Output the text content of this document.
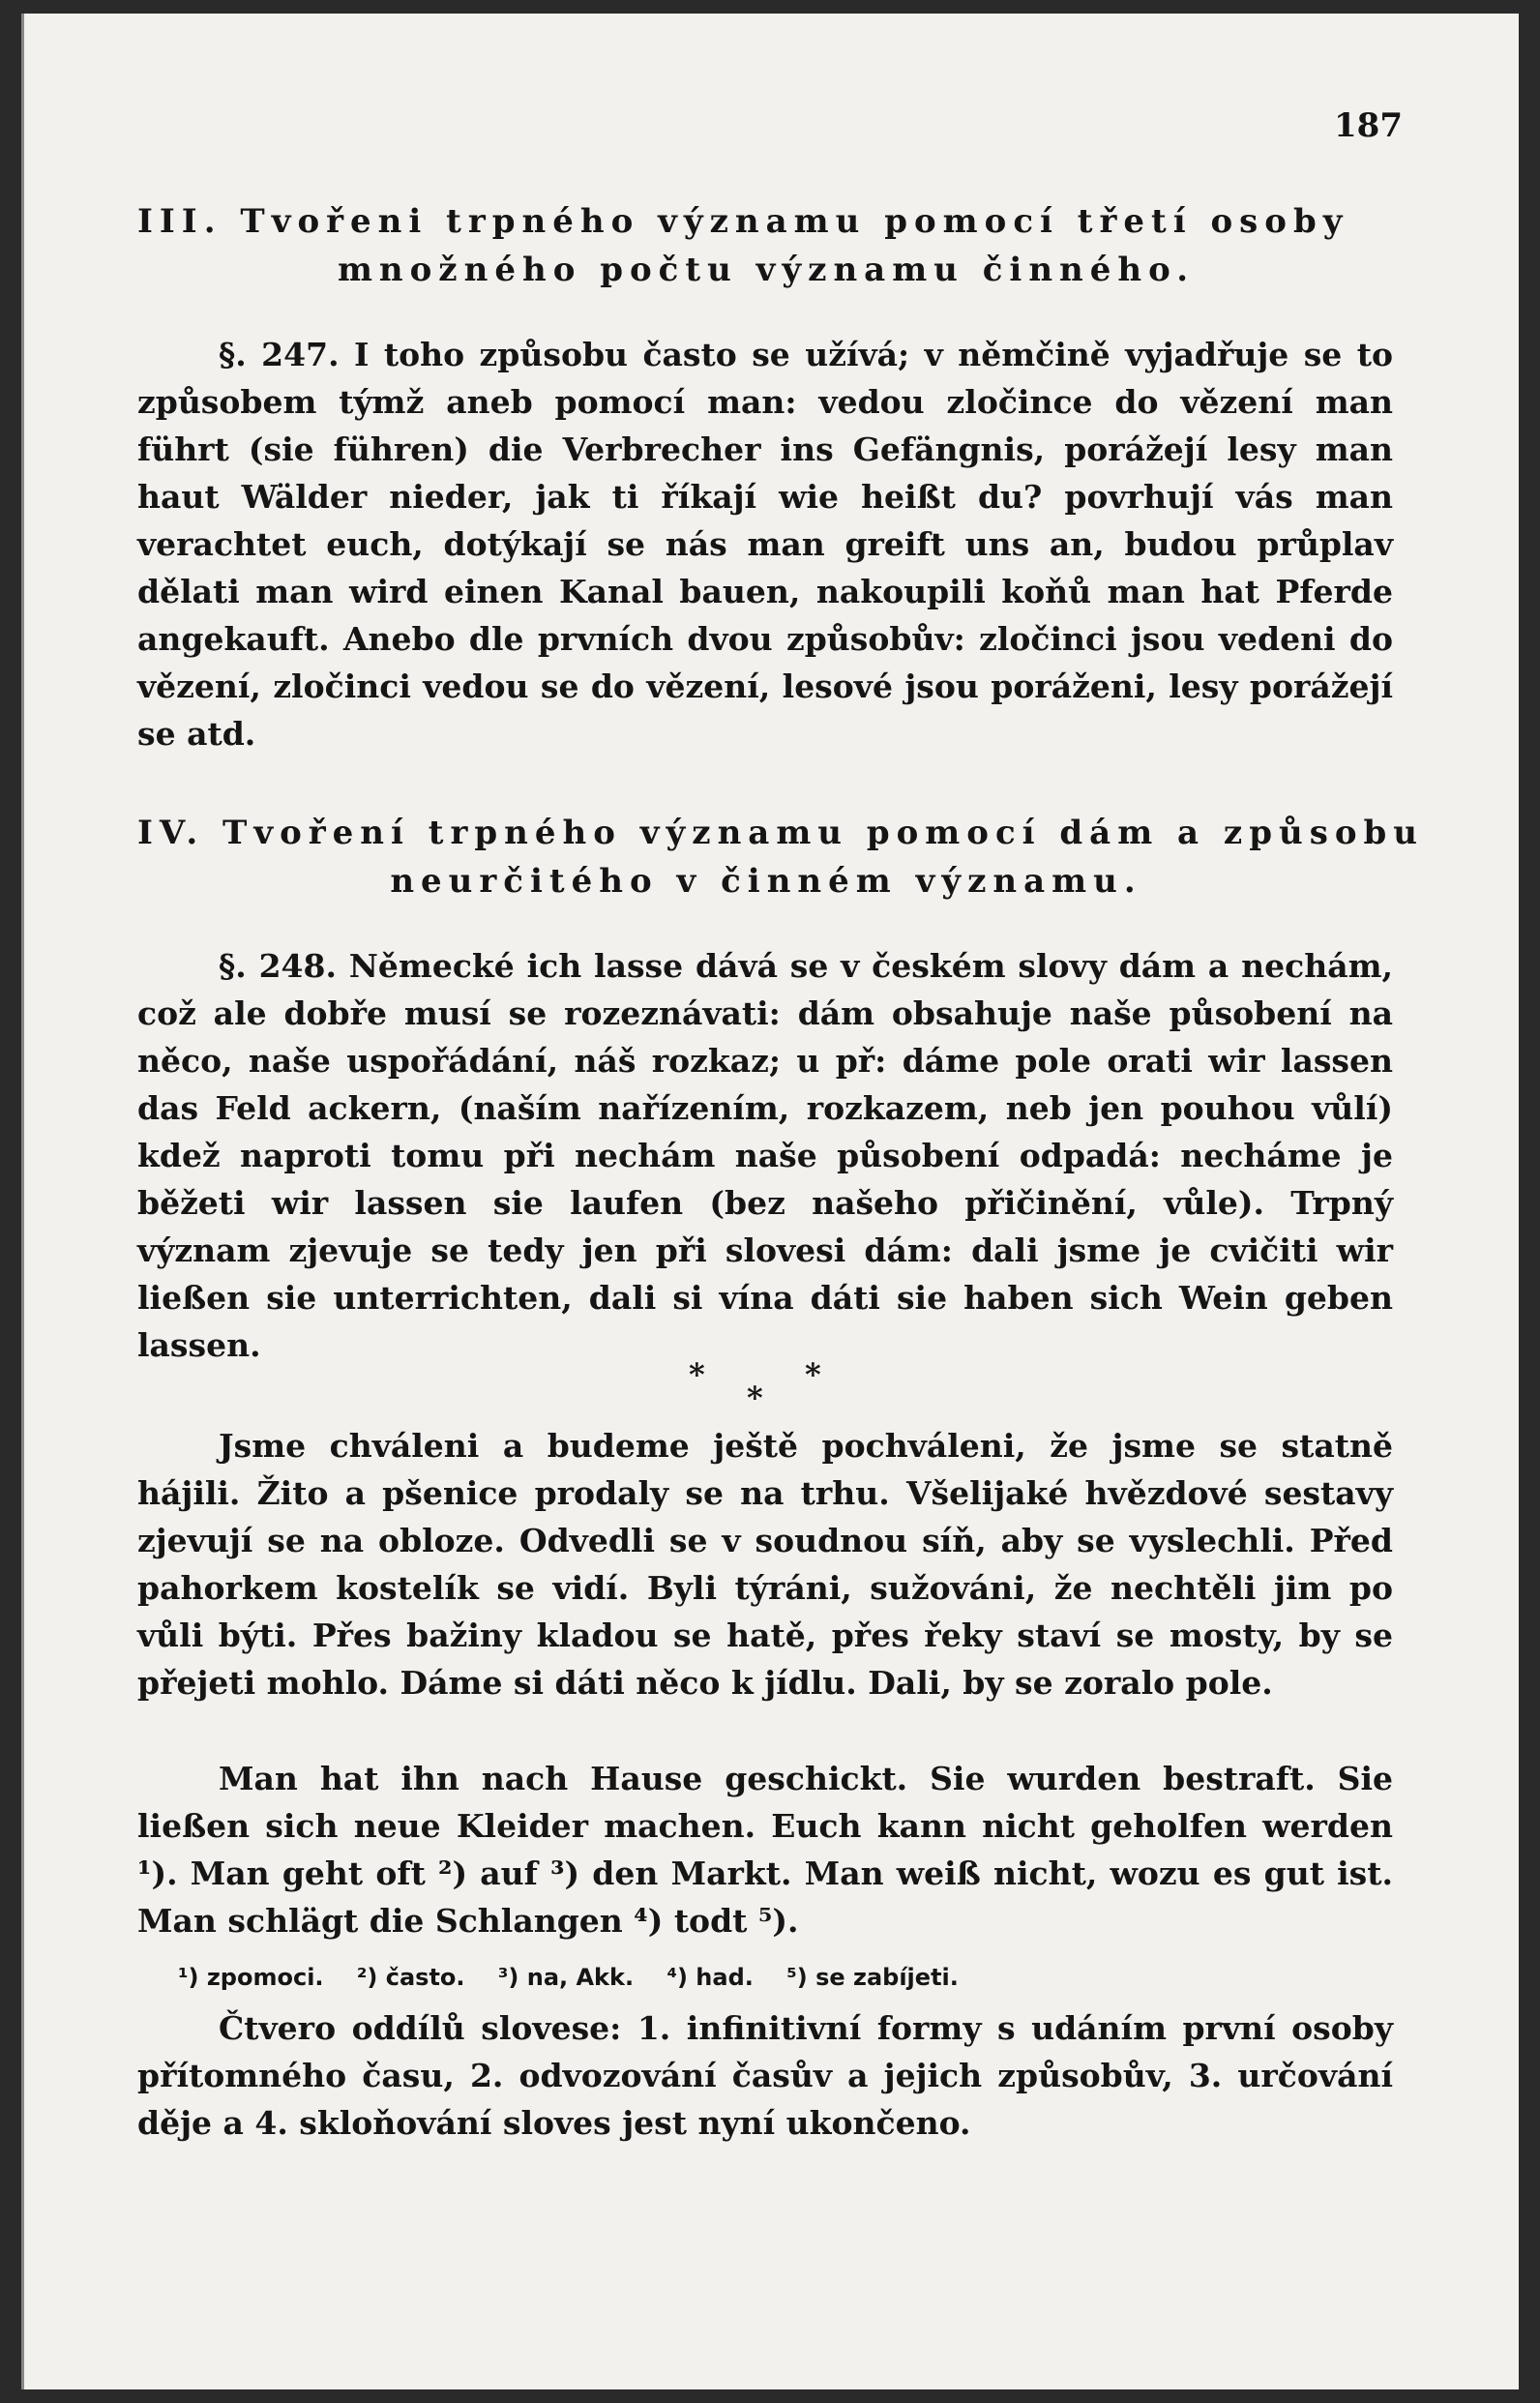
187
III. Tvořeni trpného významu pomocí třetí osoby
množného počtu významu činného.

§. 247. I toho způsobu často se užívá; v němčině vyjadřuje se to způsobem týmž aneb pomocí man: vedou zločince do vězení man führt (sie führen) die Verbrecher ins Gefängnis, porážejí lesy man haut Wälder nieder, jak ti říkají wie heißt du? povrhují vás man verachtet euch, dotýkají se nás man greift uns an, budou průplav dělati man wird einen Kanal bauen, nakoupili koňů man hat Pferde angekauft. Anebo dle prvních dvou způsobův: zločinci jsou vedeni do vězení, zločinci vedou se do vězení, lesové jsou poráženi, lesy porážejí se atd.

IV. Tvoření trpného významu pomocí dám a způsobu
neurčitého v činném významu.

§. 248. Německé ich lasse dává se v českém slovy dám a nechám, což ale dobře musí se rozeznávati: dám obsahuje naše působení na něco, naše uspořádání, náš rozkaz; u př: dáme pole orati wir lassen das Feld ackern, (naším nařízením, rozkazem, neb jen pouhou vůlí) kdež naproti tomu při nechám naše působení odpadá: necháme je běžeti wir lassen sie laufen (bez našeho přičinění, vůle). Trpný význam zjevuje se tedy jen při slovesi dám: dali jsme je cvičiti wir ließen sie unterrichten, dali si vína dáti sie haben sich Wein geben lassen.

*
*
*

Jsme chváleni a budeme ještě pochváleni, že jsme se statně hájili. Žito a pšenice prodaly se na trhu. Všelijaké hvězdové sestavy zjevují se na obloze. Odvedli se v soudnou síň, aby se vyslechli. Před pahorkem kostelík se vidí. Byli týráni, sužováni, že nechtěli jim po vůli býti. Přes bažiny kladou se hatě, přes řeky staví se mosty, by se přejeti mohlo. Dáme si dáti něco k jídlu. Dali, by se zoralo pole.

Man hat ihn nach Hause geschickt. Sie wurden bestraft. Sie ließen sich neue Kleider machen. Euch kann nicht geholfen werden ¹). Man geht oft ²) auf ³) den Markt. Man weiß nicht, wozu es gut ist. Man schlägt die Schlangen ⁴) todt ⁵).

¹) zpomoci. ²) často. ³) na, Akk. ⁴) had. ⁵) se zabíjeti.

Čtvero oddílů slovese: 1. infinitivní formy s udáním první osoby přítomného času, 2. odvozování časův a jejich způsobův, 3. určování děje a 4. skloňování sloves jest nyní ukončeno.
